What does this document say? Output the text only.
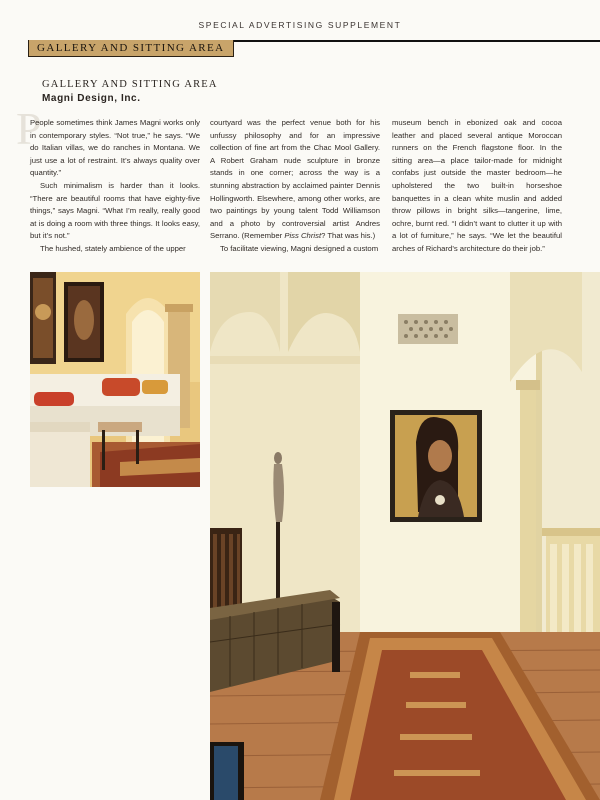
SPECIAL ADVERTISING SUPPLEMENT
GALLERY AND SITTING AREA
GALLERY AND SITTING AREA
Magni Design, Inc.
P

People sometimes think James Magni works only in contemporary styles. “Not true,” he says. “We do Italian villas, we do ranches in Montana. We just use a lot of restraint. It’s always quality over quantity.”

Such minimalism is harder than it looks. “There are beautiful rooms that have eighty-five things,” says Magni. “What I’m really, really good at is doing a room with three things. It looks easy, but it’s not.”

The hushed, stately ambience of the upper

courtyard was the perfect venue both for his unfussy philosophy and for an impressive collection of fine art from the Chac Mool Gallery. A Robert Graham nude sculpture in bronze stands in one corner; across the way is a stunning abstraction by acclaimed painter Dennis Hollingworth. Elsewhere, among other works, are two paintings by young talent Todd Williamson and a photo by controversial artist Andres Serrano. (Remember Piss Christ? That was his.)

To facilitate viewing, Magni designed a custom

museum bench in ebonized oak and cocoa leather and placed several antique Moroccan runners on the French flagstone floor. In the sitting area—a place tailor-made for midnight confabs just outside the master bedroom—he upholstered the two built-in horseshoe banquettes in a clean white muslin and added throw pillows in bright silks—tangerine, lime, ochre, burnt red. “I didn’t want to clutter it up with a lot of furniture,” he says. “We let the beautiful arches of Richard’s architecture do their job.”
